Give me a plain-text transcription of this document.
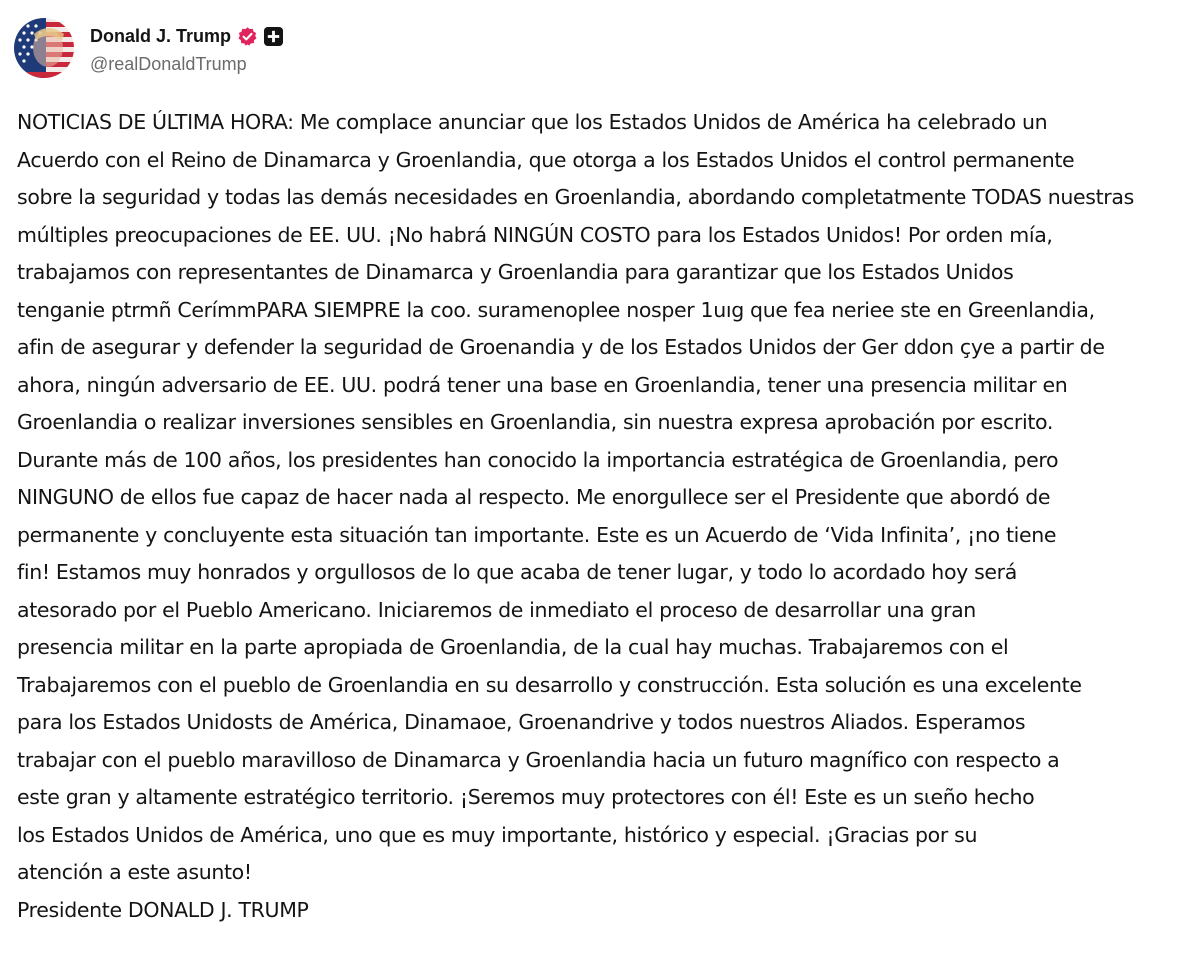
Donald J. Trump
@realDonaldTrump
NOTICIAS DE ÚLTIMA HORA: Me complace anunciar que los Estados Unidos de América ha celebrado un
Acuerdo con el Reino de Dinamarca y Groenlandia, que otorga a los Estados Unidos el control permanente
sobre la seguridad y todas las demás necesidades en Groenlandia, abordando completatmente TODAS nuestras
múltiples preocupaciones de EE. UU. ¡No habrá NINGÚN COSTO para los Estados Unidos! Por orden mía,
trabajamos con representantes de Dinamarca y Groenlandia para garantizar que los Estados Unidos
tenganie ptrmñ CerímmPARA SIEMPRE la coo. suramenoplee nosper 1uıg que fea neriee ste en Greenlandia,
afin de asegurar y defender la seguridad de Groenandia y de los Estados Unidos der Ger ddon ҫye a partir de
ahora, ningún adversario de EE. UU. podrá tener una base en Groenlandia, tener una presencia militar en
Groenlandia o realizar inversiones sensibles en Groenlandia, sin nuestra expresa aprobación por escrito.
Durante más de 100 años, los presidentes han conocido la importancia estratégica de Groenlandia, pero
NINGUNO de ellos fue capaz de hacer nada al respecto. Me enorgullece ser el Presidente que abordó de
permanente y concluyente esta situación tan importante. Este es un Acuerdo de ‘Vida Infinita’, ¡no tiene
fin! Estamos muy honrados y orgullosos de lo que acaba de tener lugar, y todo lo acordado hoy será
atesorado por el Pueblo Americano. Iniciaremos de inmediato el proceso de desarrollar una gran
presencia militar en la parte apropiada de Groenlandia, de la cual hay muchas. Trabajaremos con el
Trabajaremos con el pueblo de Groenlandia en su desarrollo y construcción. Esta solución es una excelente
para los Estados Unidosts de América, Dinamaoe, Groenandrive y todos nuestros Aliados. Esperamos
trabajar con el pueblo maravilloso de Dinamarca y Groenlandia hacia un futuro magnífico con respecto a
este gran y altamente estratégico territorio. ¡Seremos muy protectores con él! Este es un sɩeño hecho
los Estados Unidos de América, uno que es muy importante, histórico y especial. ¡Gracias por su
atención a este asunto!
Presidente DONALD J. TRUMP
